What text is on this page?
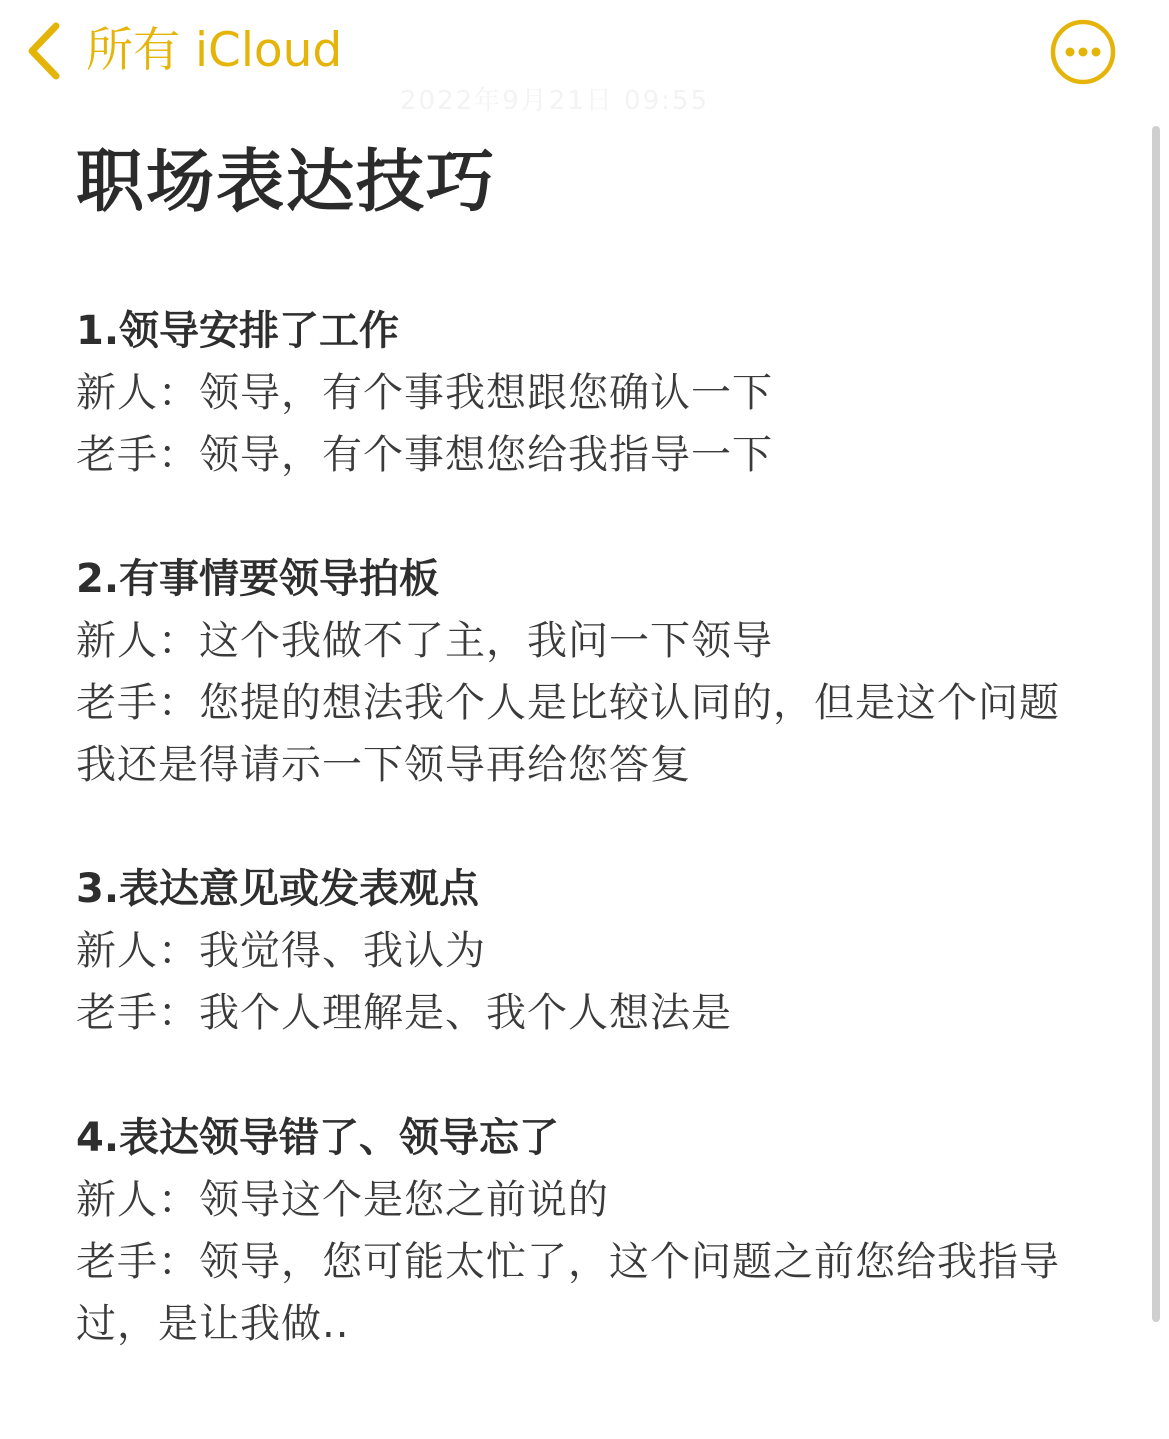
所有 iCloud
2022年9月21日 09:55
职场表达技巧
1.领导安排了工作
新人：领导，有个事我想跟您确认一下
老手：领导，有个事想您给我指导一下
2.有事情要领导拍板
新人：这个我做不了主，我问一下领导
老手：您提的想法我个人是比较认同的，但是这个问题我还是得请示一下领导再给您答复
3.表达意见或发表观点
新人：我觉得、我认为
老手：我个人理解是、我个人想法是
4.表达领导错了、领导忘了
新人：领导这个是您之前说的
老手：领导，您可能太忙了，这个问题之前您给我指导过，是让我做..
